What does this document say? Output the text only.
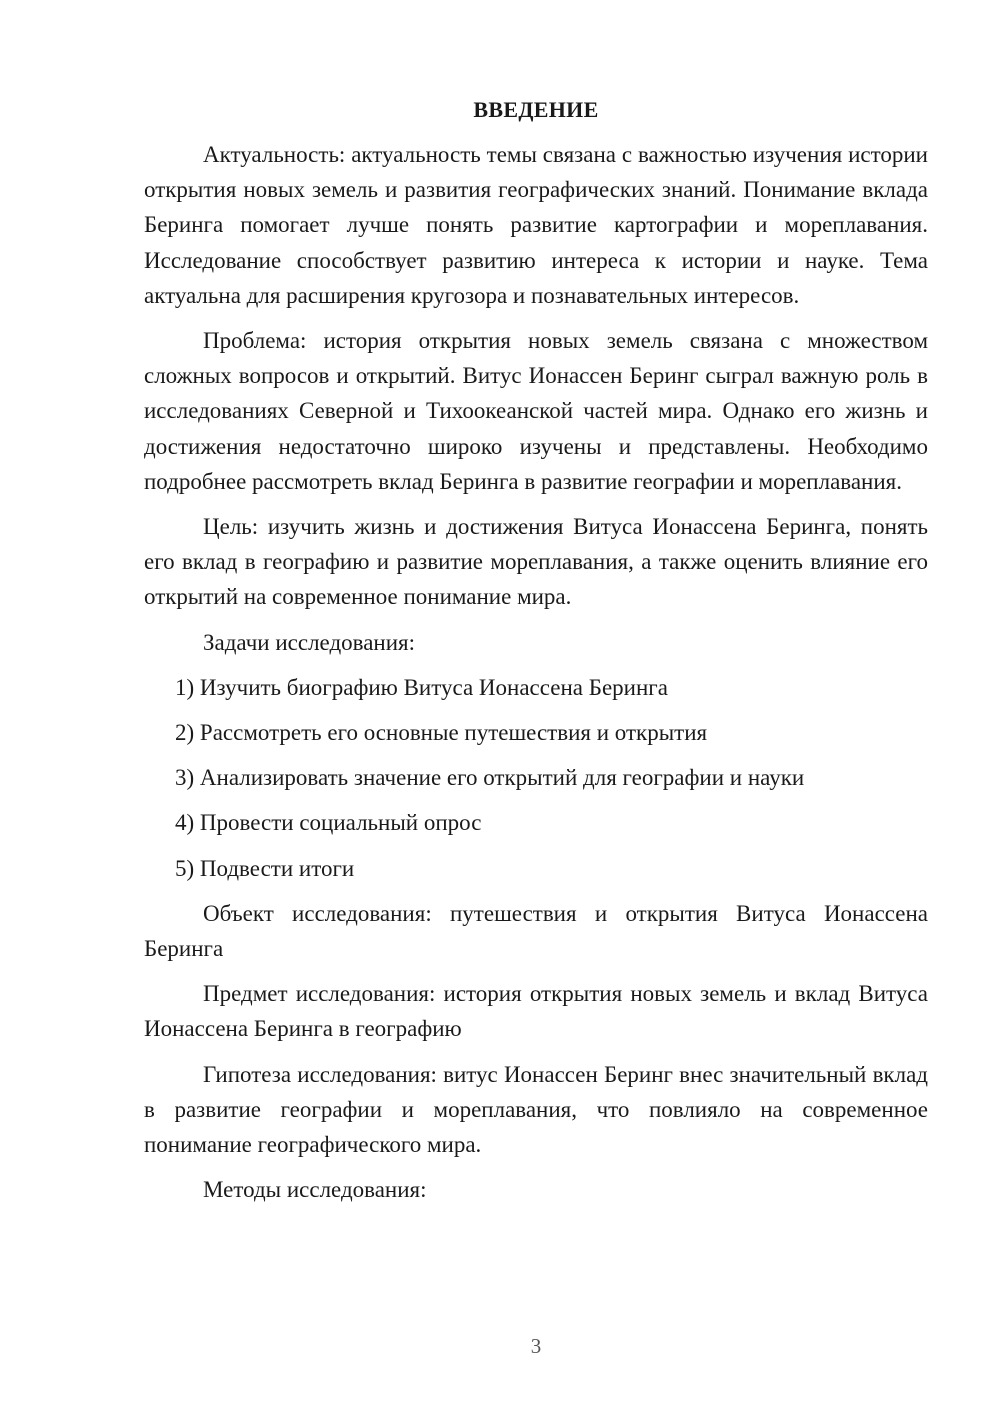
ВВЕДЕНИЕ

Актуальность: актуальность темы связана с важностью изучения истории открытия новых земель и развития географических знаний. Понимание вклада Беринга помогает лучше понять развитие картографии и мореплавания. Исследование способствует развитию интереса к истории и науке. Тема актуальна для расширения кругозора и познавательных интересов.

Проблема: история открытия новых земель связана с множеством сложных вопросов и открытий. Витус Ионассен Беринг сыграл важную роль в исследованиях Северной и Тихоокеанской частей мира. Однако его жизнь и достижения недостаточно широко изучены и представлены. Необходимо подробнее рассмотреть вклад Беринга в развитие географии и мореплавания.

Цель: изучить жизнь и достижения Витуса Ионассена Беринга, понять его вклад в географию и развитие мореплавания, а также оценить влияние его открытий на современное понимание мира.

Задачи исследования:

1) Изучить биографию Витуса Ионассена Беринга
2) Рассмотреть его основные путешествия и открытия
3) Анализировать значение его открытий для географии и науки
4) Провести социальный опрос
5) Подвести итоги

Объект исследования: путешествия и открытия Витуса Ионассена Беринга

Предмет исследования: история открытия новых земель и вклад Витуса Ионассена Беринга в географию

Гипотеза исследования: витус Ионассен Беринг внес значительный вклад в развитие географии и мореплавания, что повлияло на современное понимание географического мира.

Методы исследования:

3
